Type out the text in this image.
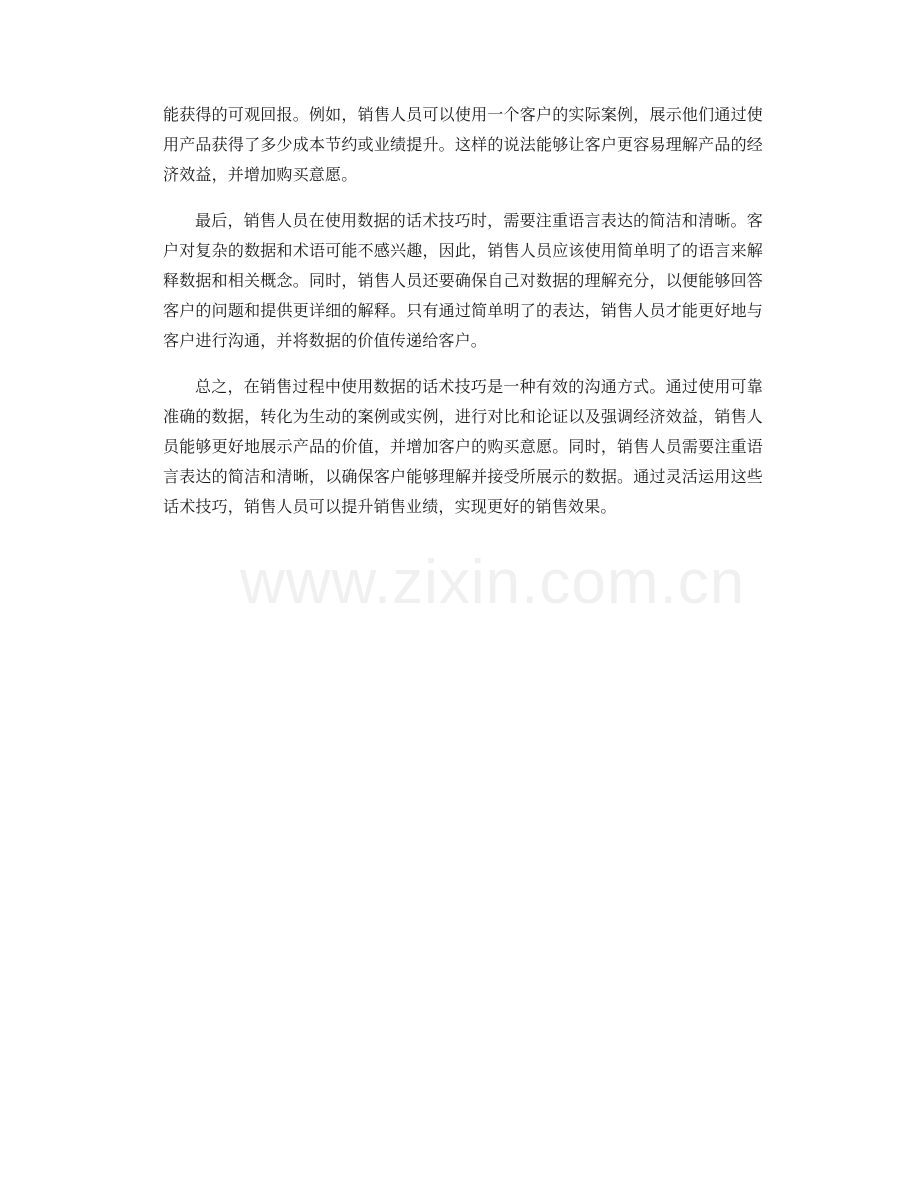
能获得的可观回报。例如，销售人员可以使用一个客户的实际案例，展示他们通过使用产品获得了多少成本节约或业绩提升。这样的说法能够让客户更容易理解产品的经济效益，并增加购买意愿。

最后，销售人员在使用数据的话术技巧时，需要注重语言表达的简洁和清晰。客户对复杂的数据和术语可能不感兴趣，因此，销售人员应该使用简单明了的语言来解释数据和相关概念。同时，销售人员还要确保自己对数据的理解充分，以便能够回答客户的问题和提供更详细的解释。只有通过简单明了的表达，销售人员才能更好地与客户进行沟通，并将数据的价值传递给客户。

总之，在销售过程中使用数据的话术技巧是一种有效的沟通方式。通过使用可靠准确的数据，转化为生动的案例或实例，进行对比和论证以及强调经济效益，销售人员能够更好地展示产品的价值，并增加客户的购买意愿。同时，销售人员需要注重语言表达的简洁和清晰，以确保客户能够理解并接受所展示的数据。通过灵活运用这些话术技巧，销售人员可以提升销售业绩，实现更好的销售效果。

www.zixin.com.cn
